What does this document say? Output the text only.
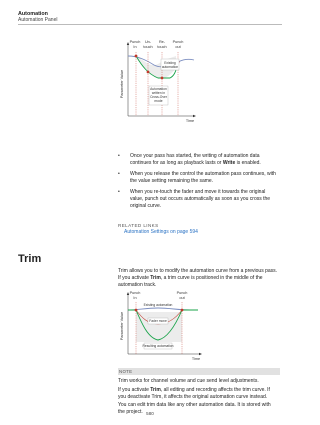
Automation
Automation Panel
Punch
In
Un-
touch
Re-
touch
Punch
out
Existing
automation
Automation
written in
Cross-Over
mode
Parameter Value
Time
• Once your pass has started, the writing of automation data continues for as long as playback lasts or Write is enabled.
• When you release the control the automation pass continues, with the value setting remaining the same.
• When you re-touch the fader and move it towards the original value, punch out occurs automatically as soon as you cross the original curve.
RELATED LINKS
Automation Settings on page 594
Trim
Trim allows you to to modify the automation curve from a previous pass. If you activate Trim, a trim curve is positioned in the middle of the automation track.
Punch
In
Punch
out
Existing automation
Fader move
Resulting automation
Parameter Value
Time
NOTE
Trim works for channel volume and cue send level adjustments.
If you activate Trim, all editing and recording affects the trim curve. If you deactivate Trim, it affects the original automation curve instead.
You can edit trim data like any other automation data. It is stored with the project. 580
